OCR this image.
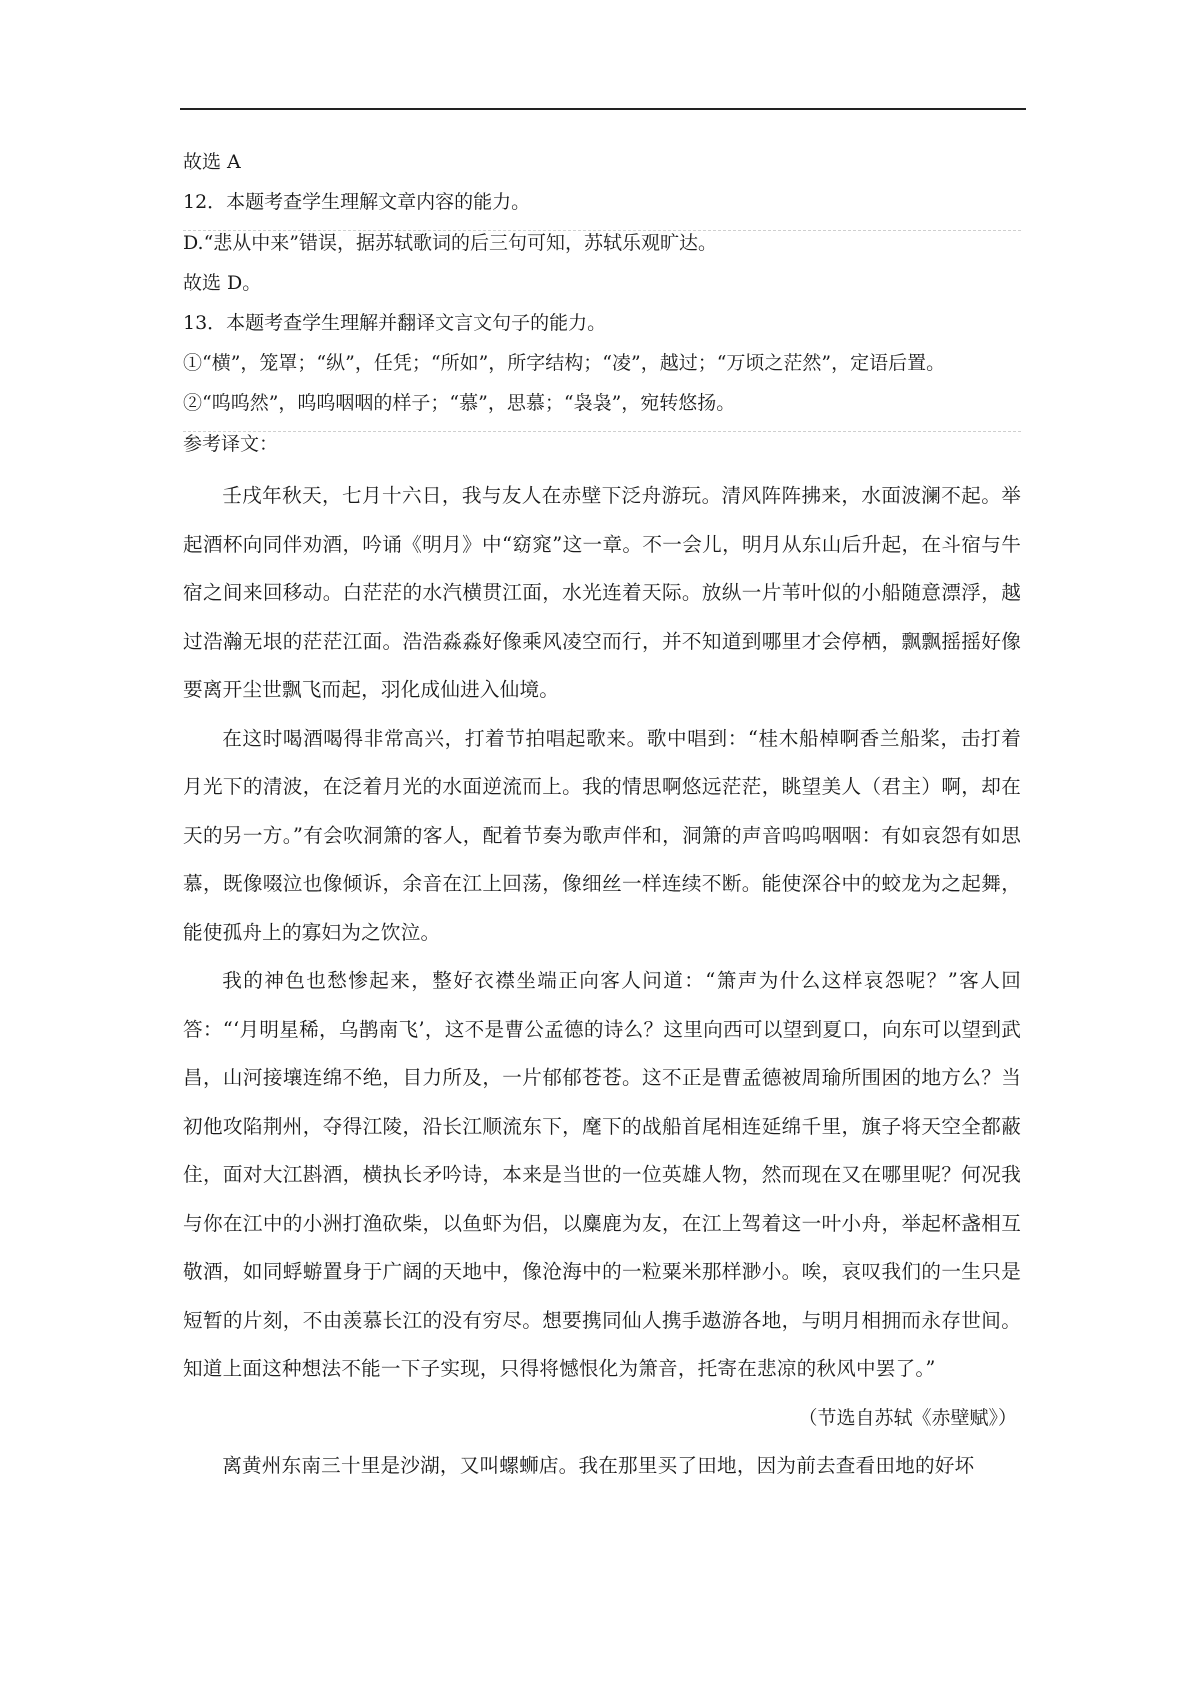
故选 A
12．本题考查学生理解文章内容的能力。
D.“悲从中来”错误，据苏轼歌词的后三句可知，苏轼乐观旷达。
故选 D。
13．本题考查学生理解并翻译文言文句子的能力。
①“横”，笼罩；“纵”，任凭；“所如”，所字结构；“凌”，越过；“万顷之茫然”，定语后置。
②“呜呜然”，呜呜咽咽的样子；“慕”，思慕；“袅袅”，宛转悠扬。
参考译文：

壬戌年秋天，七月十六日，我与友人在赤壁下泛舟游玩。清风阵阵拂来，水面波澜不起。举起酒杯向同伴劝酒，吟诵《明月》中“窈窕”这一章。不一会儿，明月从东山后升起，在斗宿与牛宿之间来回移动。白茫茫的水汽横贯江面，水光连着天际。放纵一片苇叶似的小船随意漂浮，越过浩瀚无垠的茫茫江面。浩浩淼淼好像乘风凌空而行，并不知道到哪里才会停栖，飘飘摇摇好像要离开尘世飘飞而起，羽化成仙进入仙境。

在这时喝酒喝得非常高兴，打着节拍唱起歌来。歌中唱到：“桂木船棹啊香兰船桨，击打着月光下的清波，在泛着月光的水面逆流而上。我的情思啊悠远茫茫，眺望美人（君主）啊，却在天的另一方。”有会吹洞箫的客人，配着节奏为歌声伴和，洞箫的声音呜呜咽咽：有如哀怨有如思慕，既像啜泣也像倾诉，余音在江上回荡，像细丝一样连续不断。能使深谷中的蛟龙为之起舞，能使孤舟上的寡妇为之饮泣。

我的神色也愁惨起来，整好衣襟坐端正向客人问道：“箫声为什么这样哀怨呢？”客人回答：“‘月明星稀，乌鹊南飞’，这不是曹公孟德的诗么？这里向西可以望到夏口，向东可以望到武昌，山河接壤连绵不绝，目力所及，一片郁郁苍苍。这不正是曹孟德被周瑜所围困的地方么？当初他攻陷荆州，夺得江陵，沿长江顺流东下，麾下的战船首尾相连延绵千里，旗子将天空全都蔽住，面对大江斟酒，横执长矛吟诗，本来是当世的一位英雄人物，然而现在又在哪里呢？何况我与你在江中的小洲打渔砍柴，以鱼虾为侣，以麋鹿为友，在江上驾着这一叶小舟，举起杯盏相互敬酒，如同蜉蝣置身于广阔的天地中，像沧海中的一粒粟米那样渺小。唉，哀叹我们的一生只是短暂的片刻，不由羡慕长江的没有穷尽。想要携同仙人携手遨游各地，与明月相拥而永存世间。知道上面这种想法不能一下子实现，只得将憾恨化为箫音，托寄在悲凉的秋风中罢了。”

（节选自苏轼《赤壁赋》）

离黄州东南三十里是沙湖，又叫螺蛳店。我在那里买了田地，因为前去查看田地的好坏
